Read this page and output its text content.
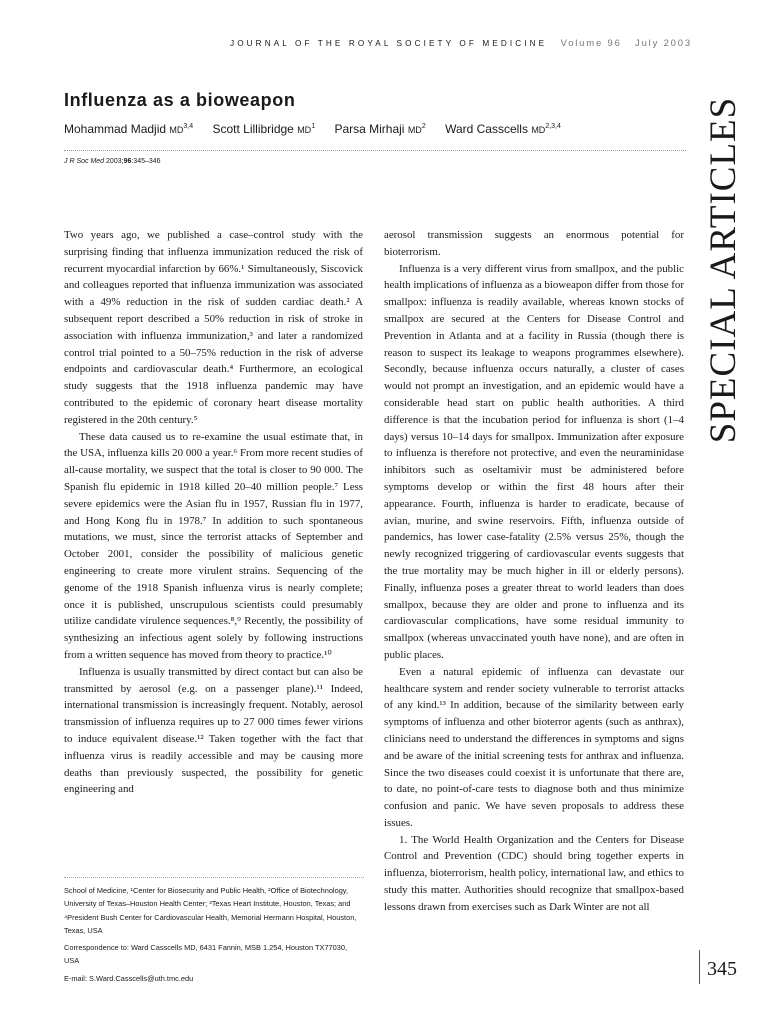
JOURNAL OF THE ROYAL SOCIETY OF MEDICINE Volume 96 July 2003
SPECIAL ARTICLES
Influenza as a bioweapon
Mohammad Madjid MD$^{3,4}$ Scott Lillibridge $MD^1$ Parsa Mirhaji $MD^2$ Ward Casscells MD$^{2,3,4}$
J R Soc Med 2003;96:345–346

Two years ago, we published a case–control study with the surprising finding that influenza immunization reduced the risk of recurrent myocardial infarction by 66%.¹ Simultaneously, Siscovick and colleagues reported that influenza immunization was associated with a 49% reduction in the risk of sudden cardiac death.² A subsequent report described a 50% reduction in risk of stroke in association with influenza immunization,³ and later a randomized control trial pointed to a 50–75% reduction in the risk of adverse endpoints and cardiovascular death.⁴ Furthermore, an ecological study suggests that the 1918 influenza pandemic may have contributed to the epidemic of coronary heart disease mortality registered in the 20th century.⁵

These data caused us to re-examine the usual estimate that, in the USA, influenza kills 20 000 a year.⁶ From more recent studies of all-cause mortality, we suspect that the total is closer to 90 000. The Spanish flu epidemic in 1918 killed 20–40 million people.⁷ Less severe epidemics were the Asian flu in 1957, Russian flu in 1977, and Hong Kong flu in 1978.⁷ In addition to such spontaneous mutations, we must, since the terrorist attacks of September and October 2001, consider the possibility of malicious genetic engineering to create more virulent strains. Sequencing of the genome of the 1918 Spanish influenza virus is nearly complete; once it is published, unscrupulous scientists could presumably utilize candidate virulence sequences.⁸,⁹ Recently, the possibility of synthesizing an infectious agent solely by following instructions from a written sequence has moved from theory to practice.¹⁰

Influenza is usually transmitted by direct contact but can also be transmitted by aerosol (e.g. on a passenger plane).¹¹ Indeed, international transmission is increasingly frequent. Notably, aerosol transmission of influenza requires up to 27 000 times fewer virions to induce equivalent disease.¹² Taken together with the fact that influenza virus is readily accessible and may be causing more deaths than previously suspected, the possibility for genetic engineering and

aerosol transmission suggests an enormous potential for bioterrorism.

Influenza is a very different virus from smallpox, and the public health implications of influenza as a bioweapon differ from those for smallpox: influenza is readily available, whereas known stocks of smallpox are secured at the Centers for Disease Control and Prevention in Atlanta and at a facility in Russia (though there is reason to suspect its leakage to weapons programmes elsewhere). Secondly, because influenza occurs naturally, a cluster of cases would not prompt an investigation, and an epidemic would have a considerable head start on public health authorities. A third difference is that the incubation period for influenza is short (1–4 days) versus 10–14 days for smallpox. Immunization after exposure to influenza is therefore not protective, and even the neuraminidase inhibitors such as oseltamivir must be administered before symptoms develop or within the first 48 hours after their appearance. Fourth, influenza is harder to eradicate, because of avian, murine, and swine reservoirs. Fifth, influenza outside of pandemics, has lower case-fatality (2.5% versus 25%, though the newly recognized triggering of cardiovascular events suggests that the true mortality may be much higher in ill or elderly persons). Finally, influenza poses a greater threat to world leaders than does smallpox, because they are older and prone to influenza and its cardiovascular complications, have some residual immunity to smallpox (whereas unvaccinated youth have none), and are often in public places.

Even a natural epidemic of influenza can devastate our healthcare system and render society vulnerable to terrorist attacks of any kind.¹³ In addition, because of the similarity between early symptoms of influenza and other bioterror agents (such as anthrax), clinicians need to understand the differences in symptoms and signs and be aware of the initial screening tests for anthrax and influenza. Since the two diseases could coexist it is unfortunate that there are, to date, no point-of-care tests to diagnose both and thus minimize confusion and panic. We have seven proposals to address these issues.

1. The World Health Organization and the Centers for Disease Control and Prevention (CDC) should bring together experts in influenza, bioterrorism, health policy, international law, and ethics to study this matter. Authorities should recognize that smallpox-based lessons drawn from exercises such as Dark Winter are not all

School of Medicine, ¹Center for Biosecurity and Public Health, ²Office of Biotechnology, University of Texas–Houston Health Center; ³Texas Heart Institute, Houston, Texas; and ⁴President Bush Center for Cardiovascular Health, Memorial Hermann Hospital, Houston, Texas, USA

Correspondence to: Ward Casscells MD, 6431 Fannin, MSB 1.254, Houston TX77030, USA

E-mail: S.Ward.Casscells@uth.tmc.edu	345
